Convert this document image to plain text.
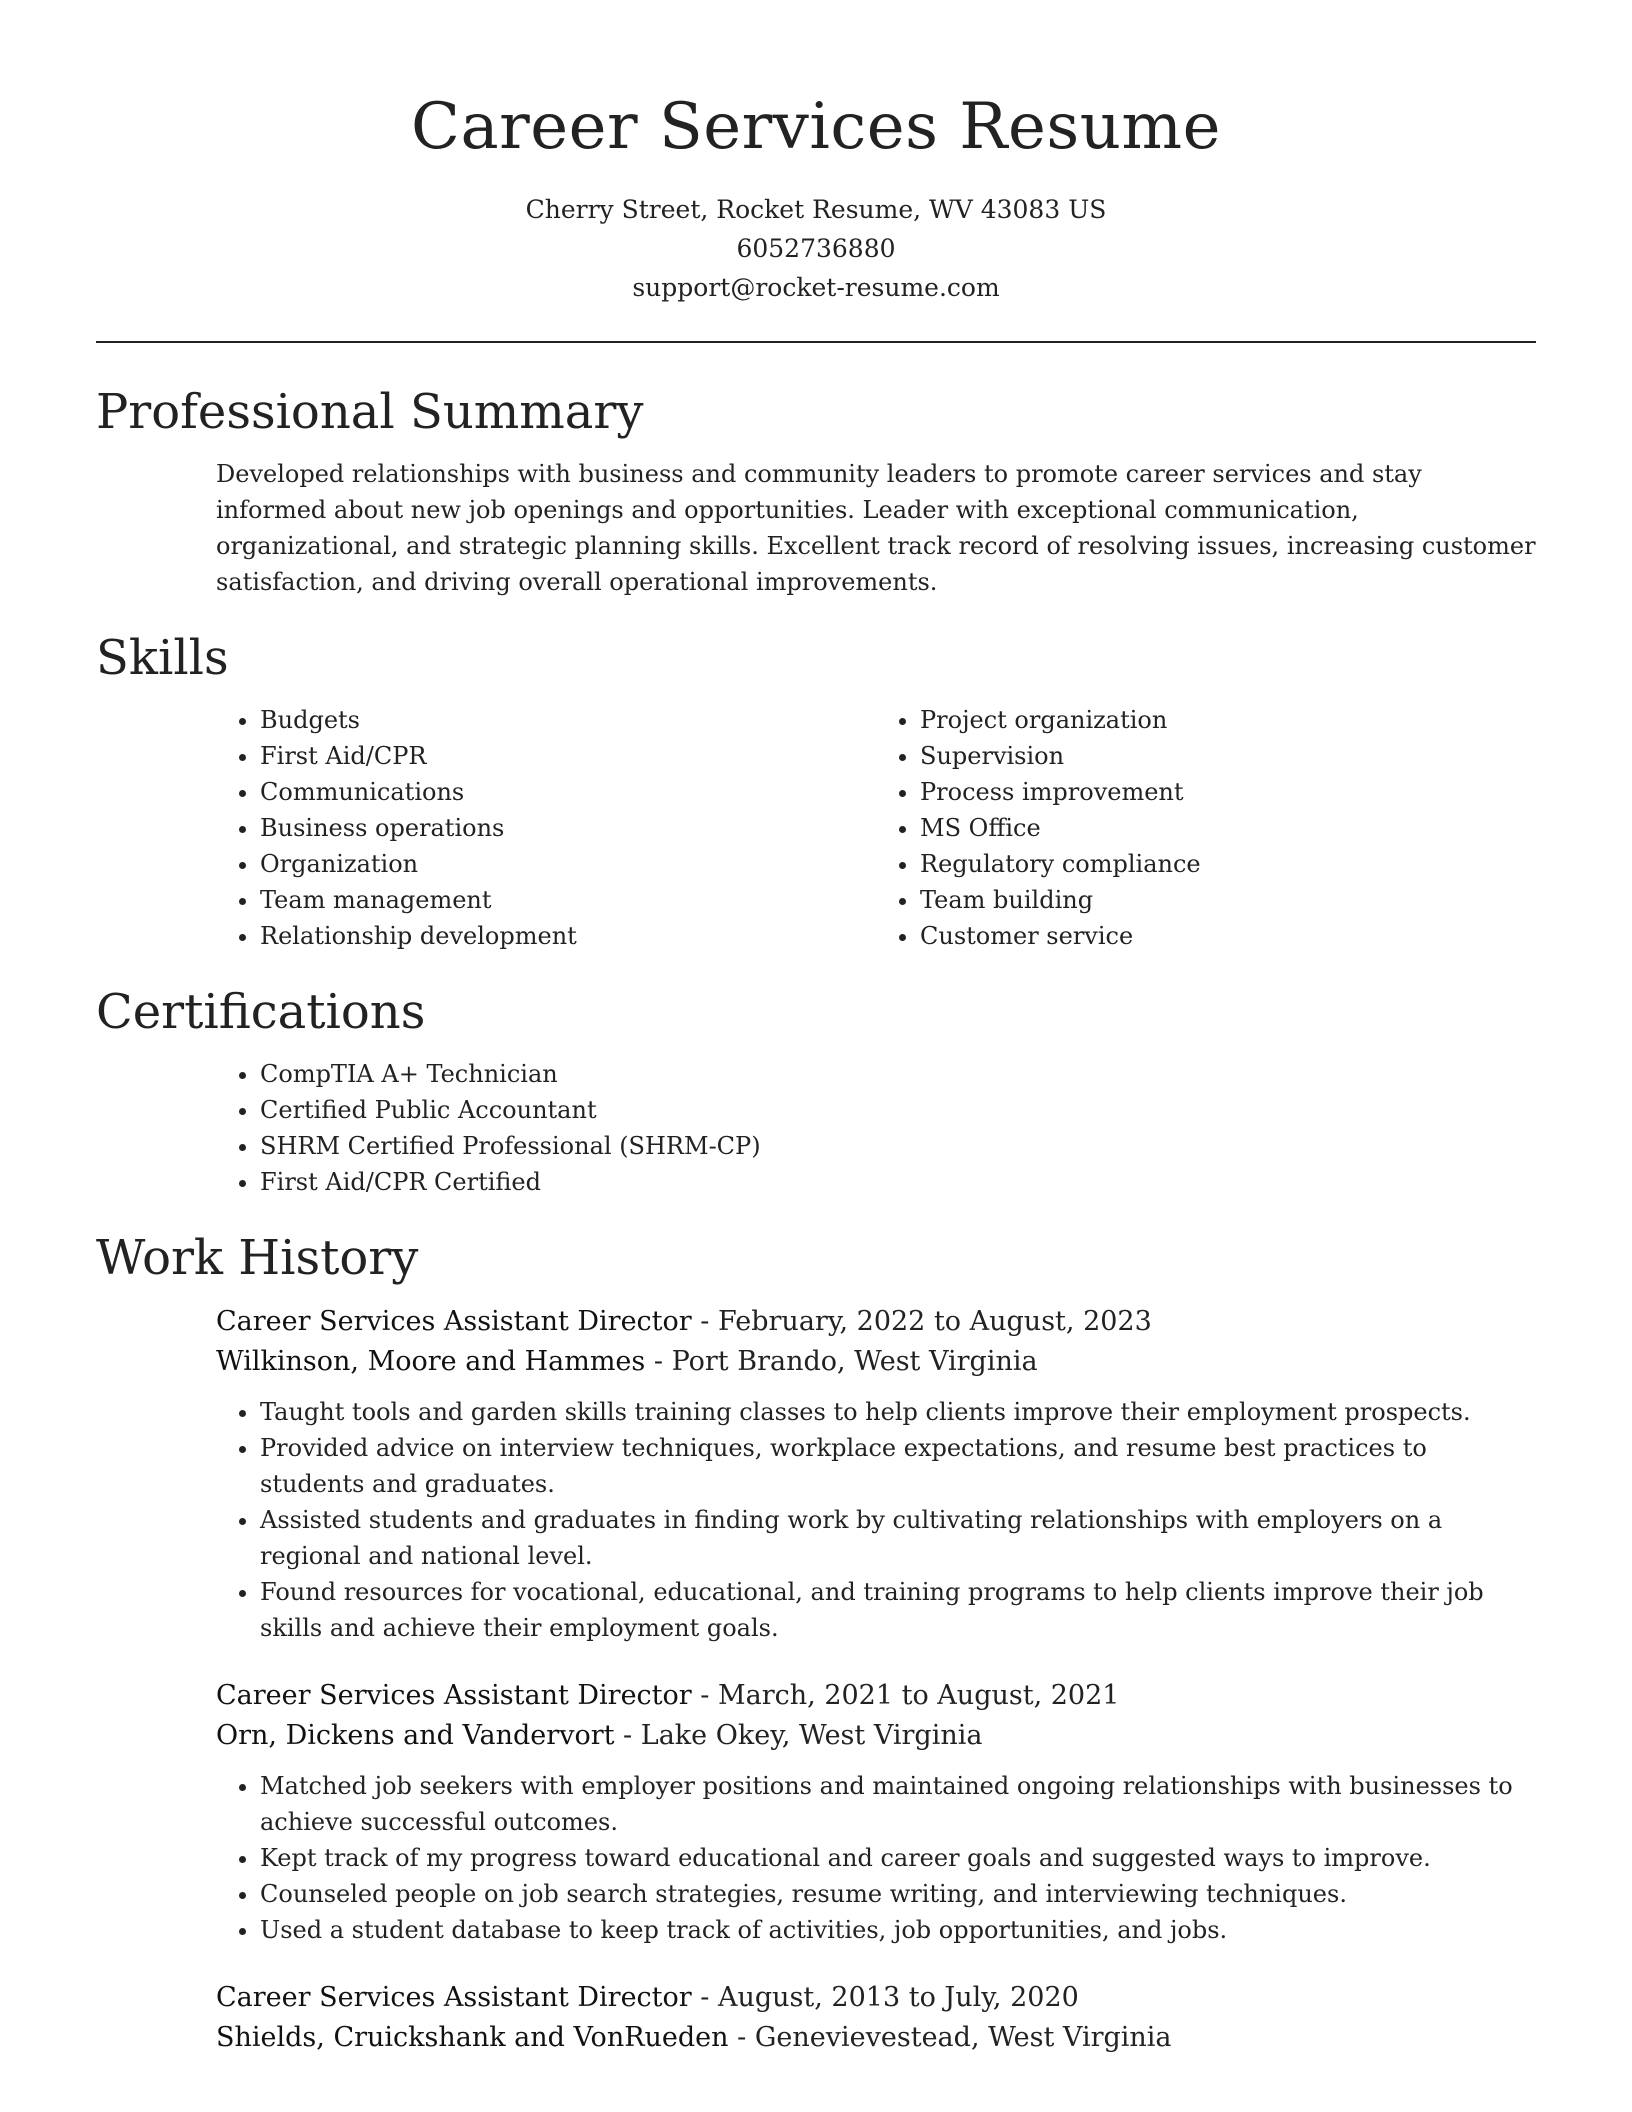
Career Services Resume
Cherry Street, Rocket Resume, WV 43083 US
6052736880
support@rocket-resume.com
Professional Summary

Developed relationships with business and community leaders to promote career services and stay informed about new job openings and opportunities. Leader with exceptional communication, organizational, and strategic planning skills. Excellent track record of resolving issues, increasing customer satisfaction, and driving overall operational improvements.

Skills
• Budgets
• First Aid/CPR
• Communications
• Business operations
• Organization
• Team management
• Relationship development
• Project organization
• Supervision
• Process improvement
• MS Office
• Regulatory compliance
• Team building
• Customer service
Certifications
• CompTIA A+ Technician
• Certified Public Accountant
• SHRM Certified Professional (SHRM-CP)
• First Aid/CPR Certified
Work History
Career Services Assistant Director - February, 2022 to August, 2023
Wilkinson, Moore and Hammes - Port Brando, West Virginia
• Taught tools and garden skills training classes to help clients improve their employment prospects.
• Provided advice on interview techniques, workplace expectations, and resume best practices to students and graduates.
• Assisted students and graduates in finding work by cultivating relationships with employers on a regional and national level.
• Found resources for vocational, educational, and training programs to help clients improve their job skills and achieve their employment goals.
Career Services Assistant Director - March, 2021 to August, 2021
Orn, Dickens and Vandervort - Lake Okey, West Virginia
• Matched job seekers with employer positions and maintained ongoing relationships with businesses to achieve successful outcomes.
• Kept track of my progress toward educational and career goals and suggested ways to improve.
• Counseled people on job search strategies, resume writing, and interviewing techniques.
• Used a student database to keep track of activities, job opportunities, and jobs.
Career Services Assistant Director - August, 2013 to July, 2020
Shields, Cruickshank and VonRueden - Genevievestead, West Virginia
